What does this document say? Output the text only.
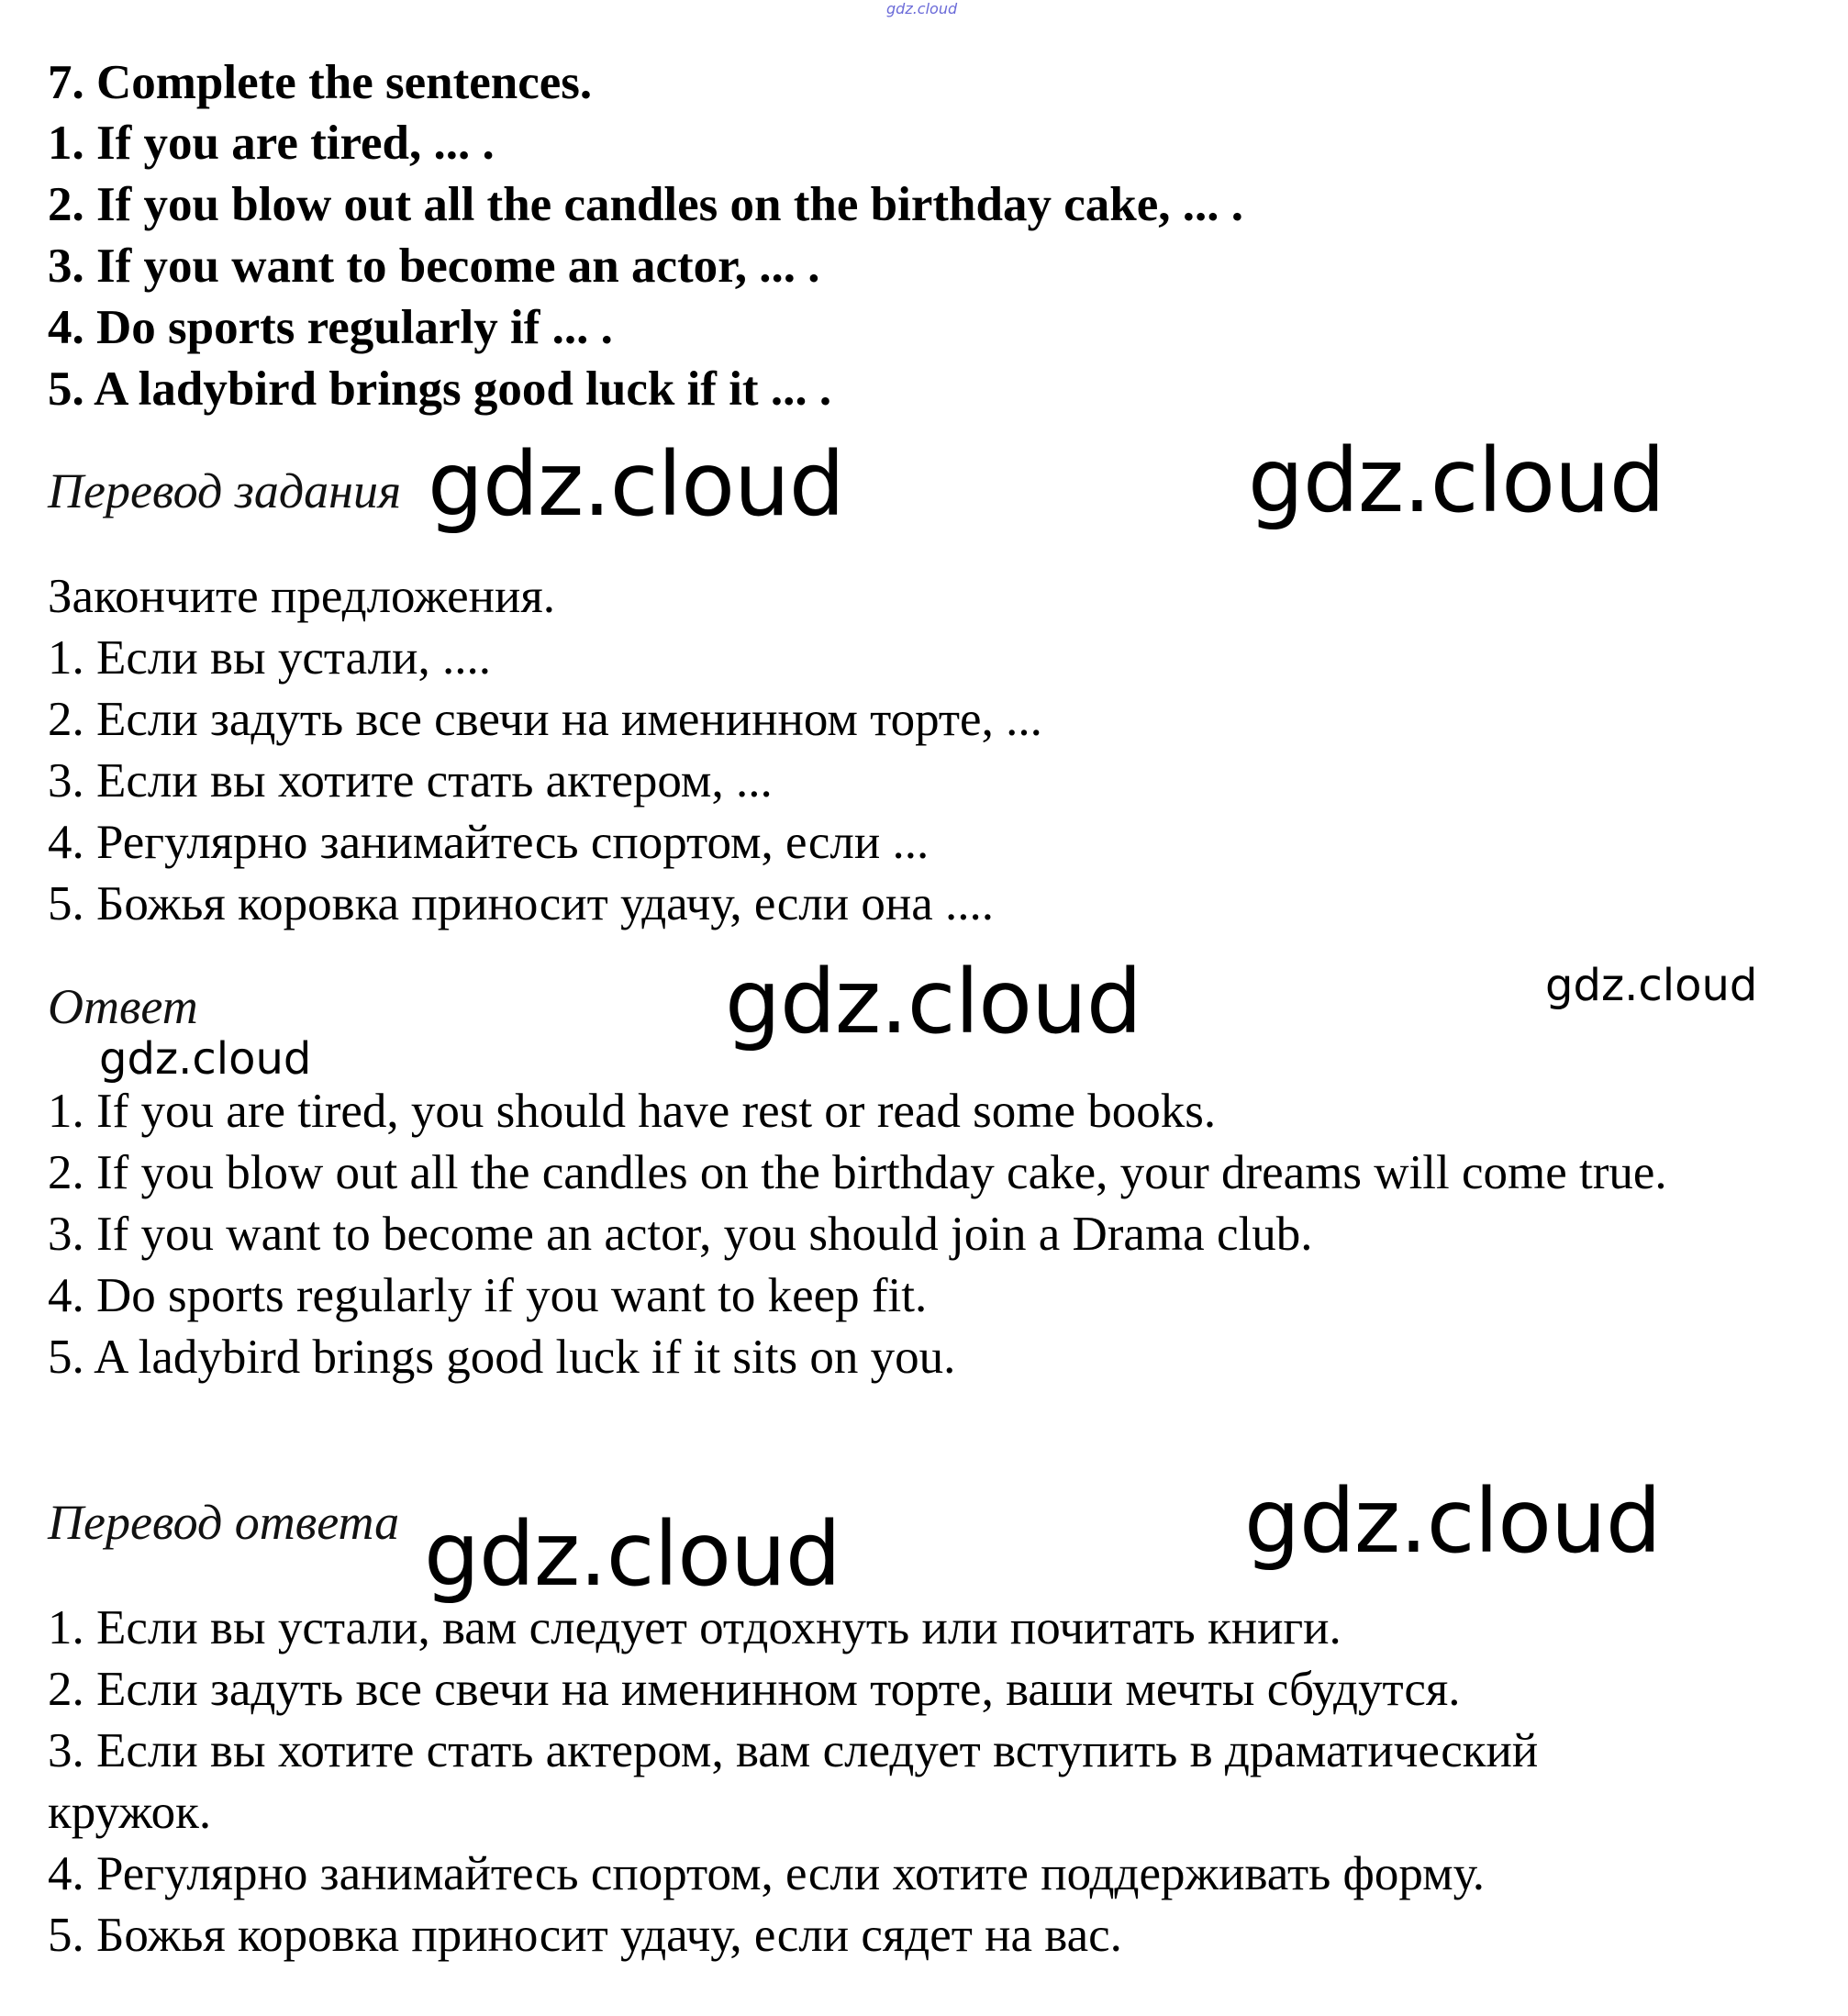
gdz.cloud
7. Complete the sentences.
1. If you are tired, ... .
2. If you blow out all the candles on the birthday cake, ... .
3. If you want to become an actor, ... .
4. Do sports regularly if ... .
5. A ladybird brings good luck if it ... .
Перевод задания gdz.cloud	gdz.cloud
Закончите предложения.
1. Если вы устали, ....
2. Если задуть все свечи на именинном торте, ...
3. Если вы хотите стать актером, ...
4. Регулярно занимайтесь спортом, если ...
5. Божья коровка приносит удачу, если она ....
Ответ	gdz.cloud	gdz.cloud
gdz.cloud
1. If you are tired, you should have rest or read some books.
2. If you blow out all the candles on the birthday cake, your dreams will come true.
3. If you want to become an actor, you should join a Drama club.
4. Do sports regularly if you want to keep fit.
5. A ladybird brings good luck if it sits on you.
Перевод ответа gdz.cloud	gdz.cloud
1. Если вы устали, вам следует отдохнуть или почитать книги.
2. Если задуть все свечи на именинном торте, ваши мечты сбудутся.
3. Если вы хотите стать актером, вам следует вступить в драматический
кружок.
4. Регулярно занимайтесь спортом, если хотите поддерживать форму.
5. Божья коровка приносит удачу, если сядет на вас.
